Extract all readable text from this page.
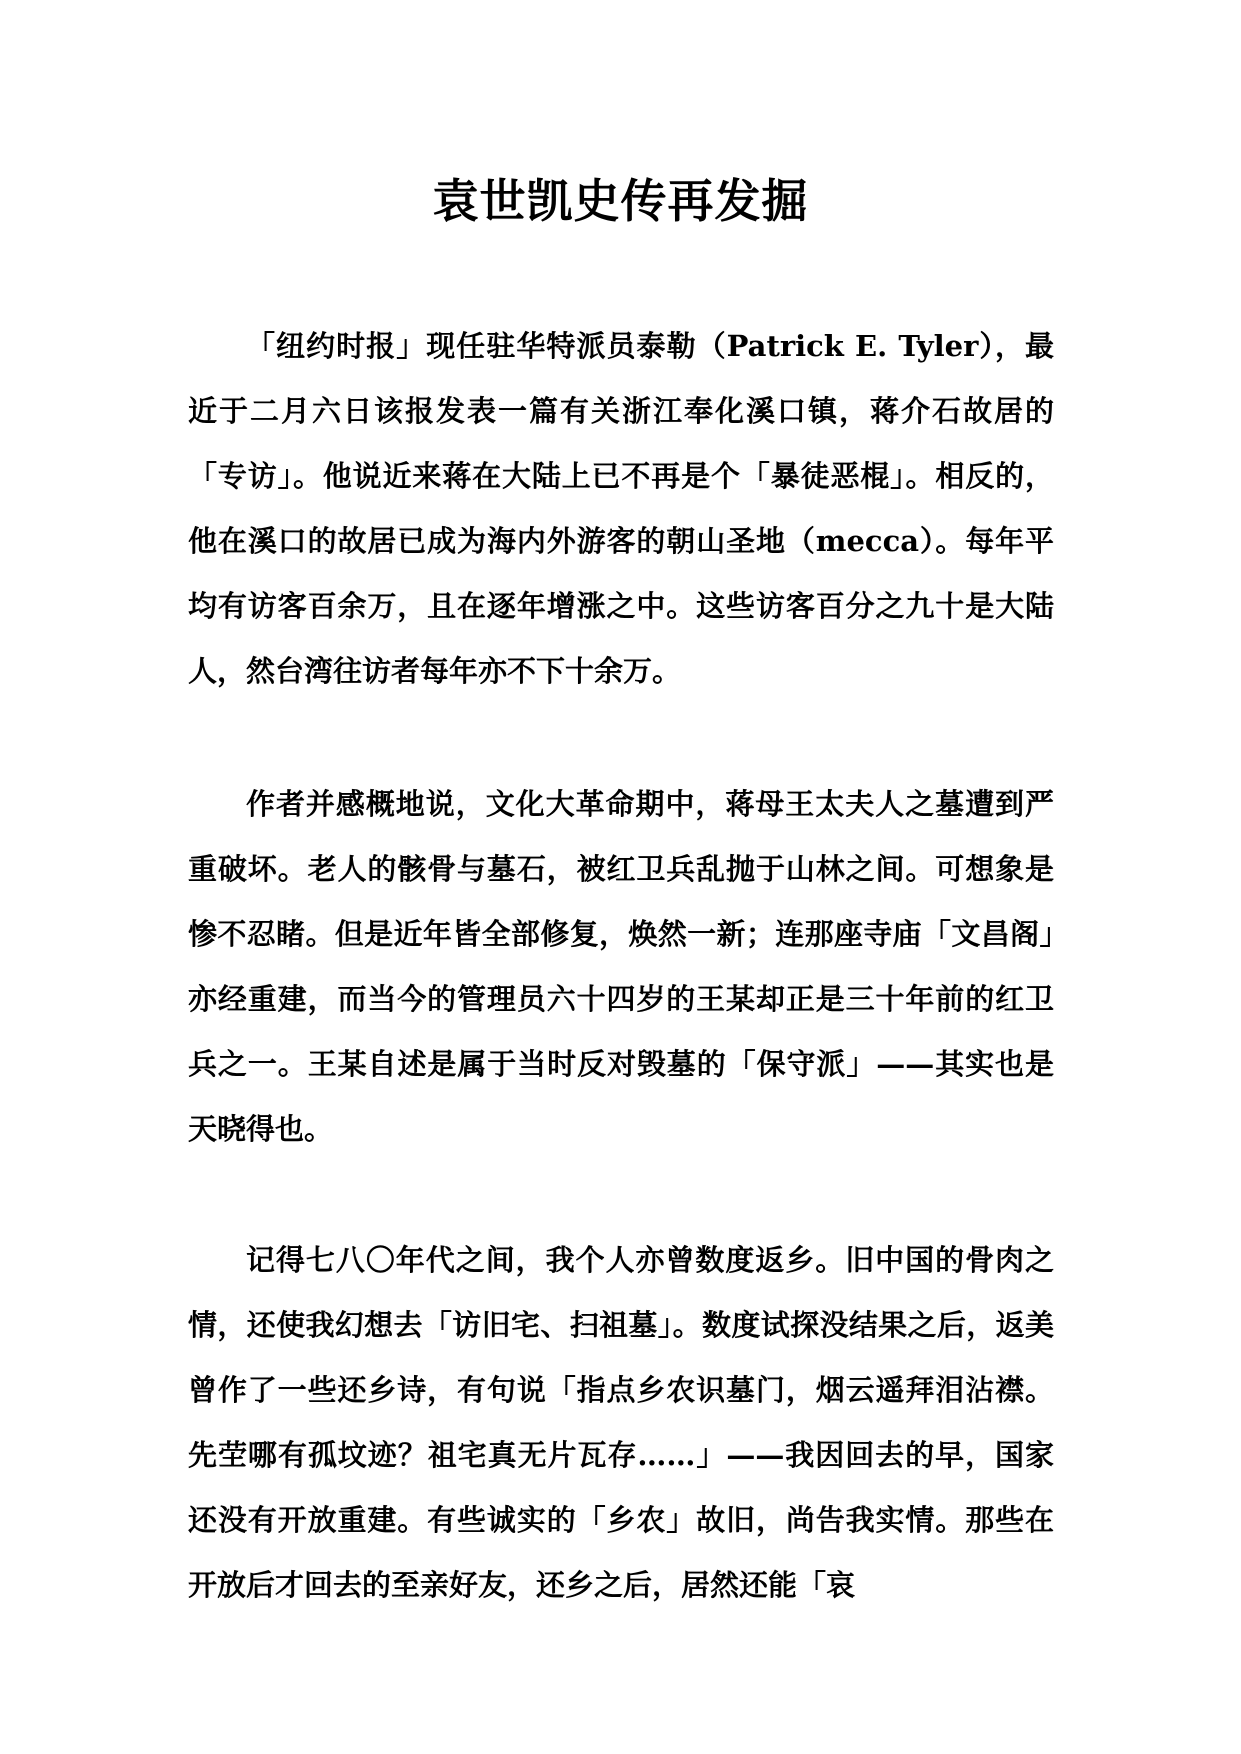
袁世凯史传再发掘

「纽约时报」现任驻华特派员泰勒（Patrick E. Tyler），最近于二月六日该报发表一篇有关浙江奉化溪口镇，蒋介石故居的「专访」。他说近来蒋在大陆上已不再是个「暴徒恶棍」。相反的，他在溪口的故居已成为海内外游客的朝山圣地（mecca）。每年平均有访客百余万，且在逐年增涨之中。这些访客百分之九十是大陆人，然台湾往访者每年亦不下十余万。

作者并感概地说，文化大革命期中，蒋母王太夫人之墓遭到严重破坏。老人的骸骨与墓石，被红卫兵乱抛于山林之间。可想象是惨不忍睹。但是近年皆全部修复，焕然一新；连那座寺庙「文昌阁」亦经重建，而当今的管理员六十四岁的王某却正是三十年前的红卫兵之一。王某自述是属于当时反对毁墓的「保守派」——其实也是天晓得也。

记得七八〇年代之间，我个人亦曾数度返乡。旧中国的骨肉之情，还使我幻想去「访旧宅、扫祖墓」。数度试探没结果之后，返美曾作了一些还乡诗，有句说「指点乡农识墓门，烟云遥拜泪沾襟。先茔哪有孤坟迹？祖宅真无片瓦存……」——我因回去的早，国家还没有开放重建。有些诚实的「乡农」故旧，尚告我实情。那些在开放后才回去的至亲好友，还乡之后，居然还能「哀
